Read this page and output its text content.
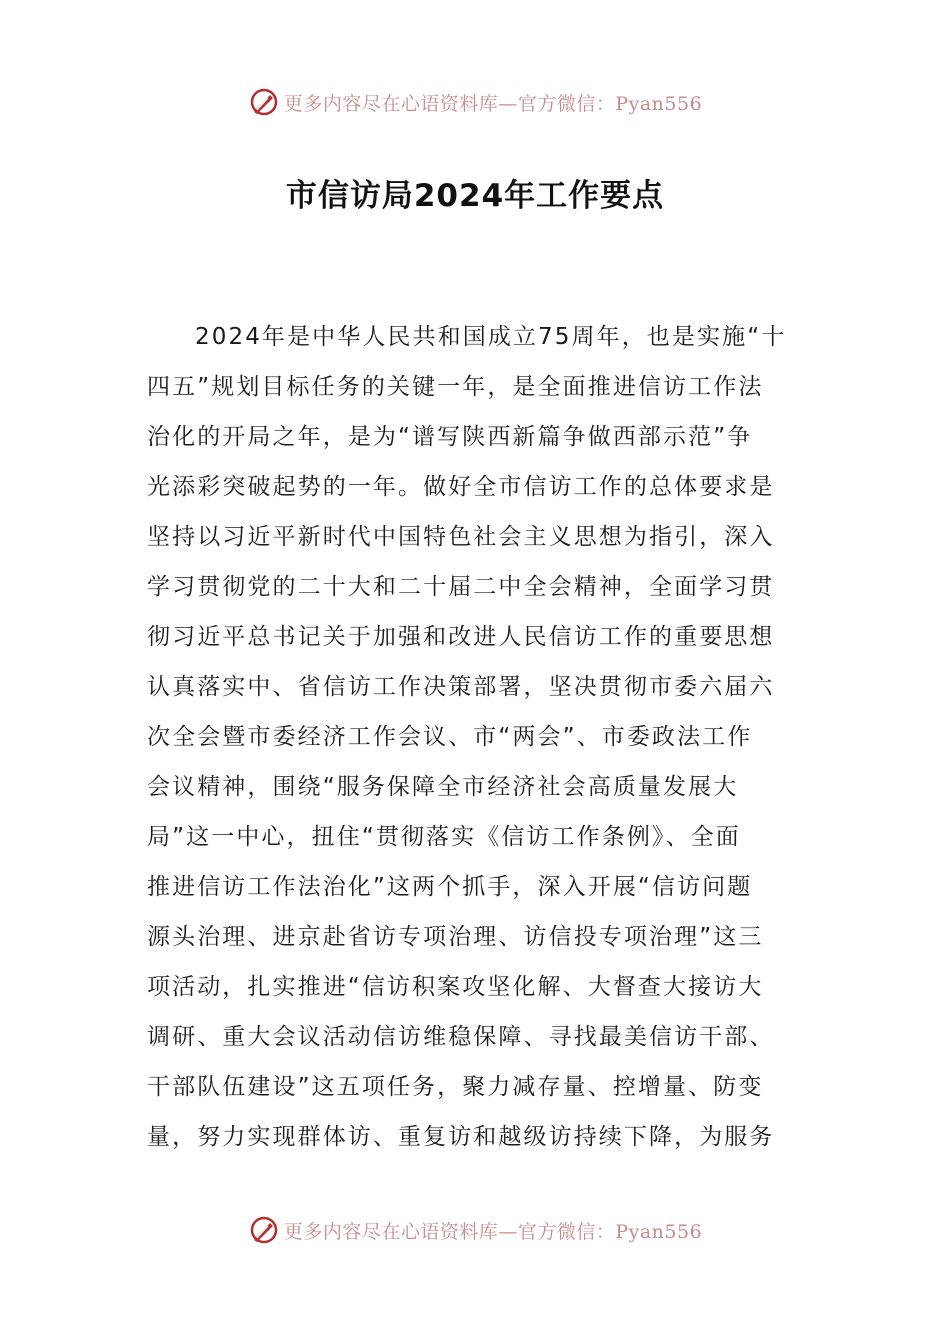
更多内容尽在心语资料库—官方微信：Pyan556
市信访局2024年工作要点
2024年是中华人民共和国成立75周年，也是实施“十
四五”规划目标任务的关键一年，是全面推进信访工作法
治化的开局之年，是为“谱写陕西新篇争做西部示范”争
光添彩突破起势的一年。做好全市信访工作的总体要求是
坚持以习近平新时代中国特色社会主义思想为指引，深入
学习贯彻党的二十大和二十届二中全会精神，全面学习贯
彻习近平总书记关于加强和改进人民信访工作的重要思想
认真落实中、省信访工作决策部署，坚决贯彻市委六届六
次全会暨市委经济工作会议、市“两会”、市委政法工作
会议精神，围绕“服务保障全市经济社会高质量发展大
局”这一中心，扭住“贯彻落实《信访工作条例》、全面
推进信访工作法治化”这两个抓手，深入开展“信访问题
源头治理、进京赴省访专项治理、访信投专项治理”这三
项活动，扎实推进“信访积案攻坚化解、大督查大接访大
调研、重大会议活动信访维稳保障、寻找最美信访干部、
干部队伍建设”这五项任务，聚力减存量、控增量、防变
量，努力实现群体访、重复访和越级访持续下降，为服务
更多内容尽在心语资料库—官方微信：Pyan556
